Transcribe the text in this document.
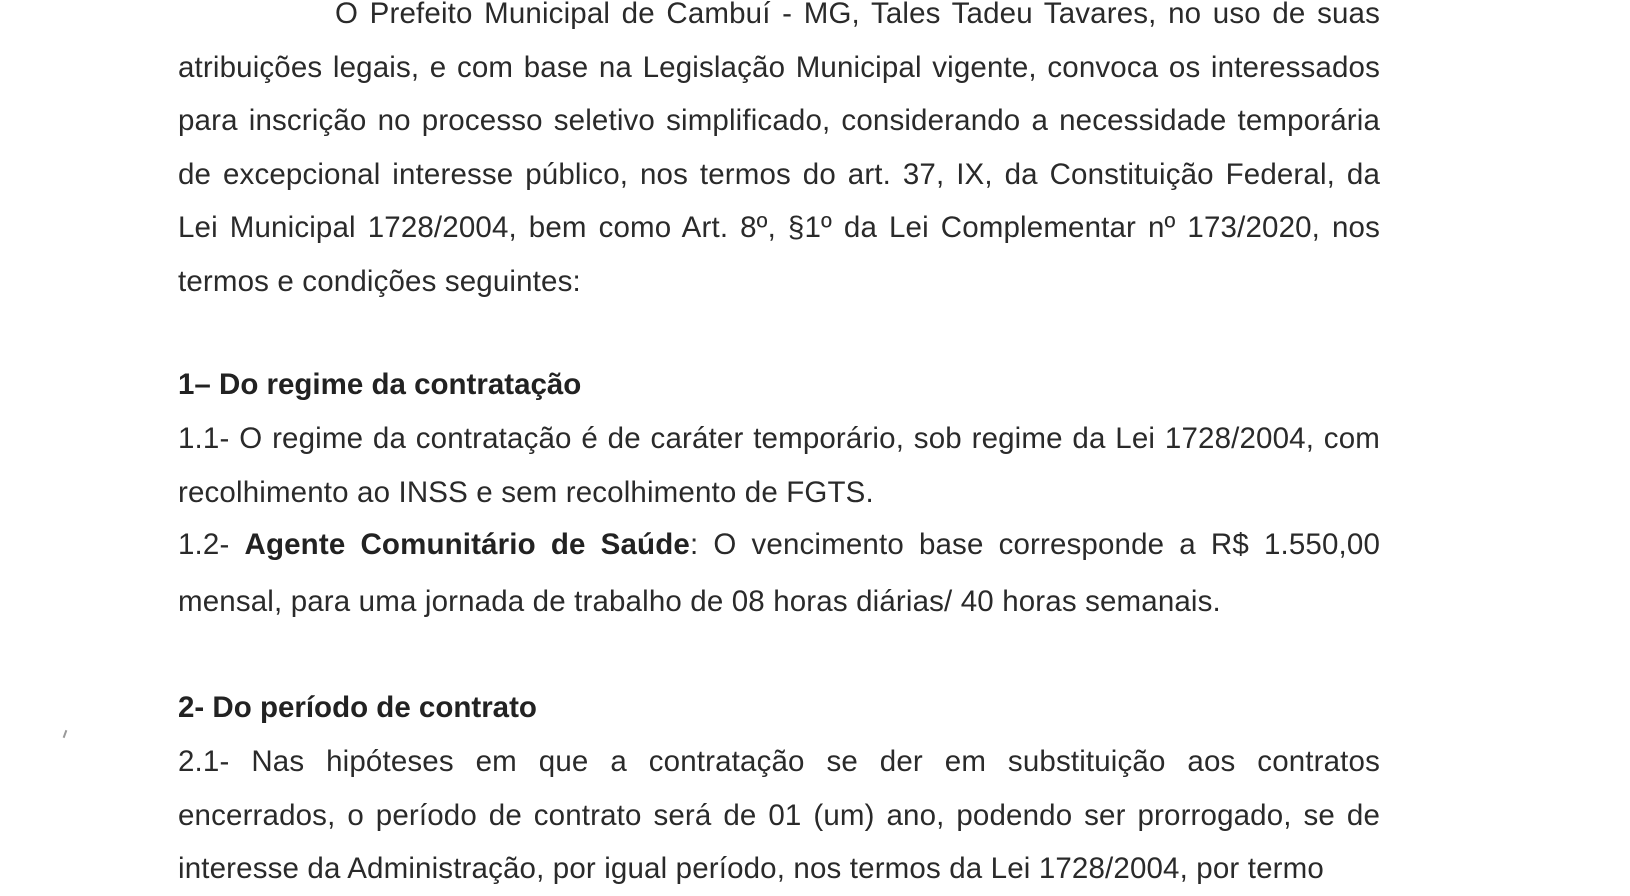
O Prefeito Municipal de Cambuí - MG, Tales Tadeu Tavares, no uso de suas atribuições legais, e com base na Legislação Municipal vigente, convoca os interessados para inscrição no processo seletivo simplificado, considerando a necessidade temporária de excepcional interesse público, nos termos do art. 37, IX, da Constituição Federal, da Lei Municipal 1728/2004, bem como Art. 8º, §1º da Lei Complementar nº 173/2020, nos termos e condições seguintes:
1– Do regime da contratação
1.1- O regime da contratação é de caráter temporário, sob regime da Lei 1728/2004, com recolhimento ao INSS e sem recolhimento de FGTS.
1.2- Agente Comunitário de Saúde: O vencimento base corresponde a R$ 1.550,00 mensal, para uma jornada de trabalho de 08 horas diárias/ 40 horas semanais.
2- Do período de contrato
2.1- Nas hipóteses em que a contratação se der em substituição aos contratos encerrados, o período de contrato será de 01 (um) ano, podendo ser prorrogado, se de interesse da Administração, por igual período, nos termos da Lei 1728/2004, por termo
